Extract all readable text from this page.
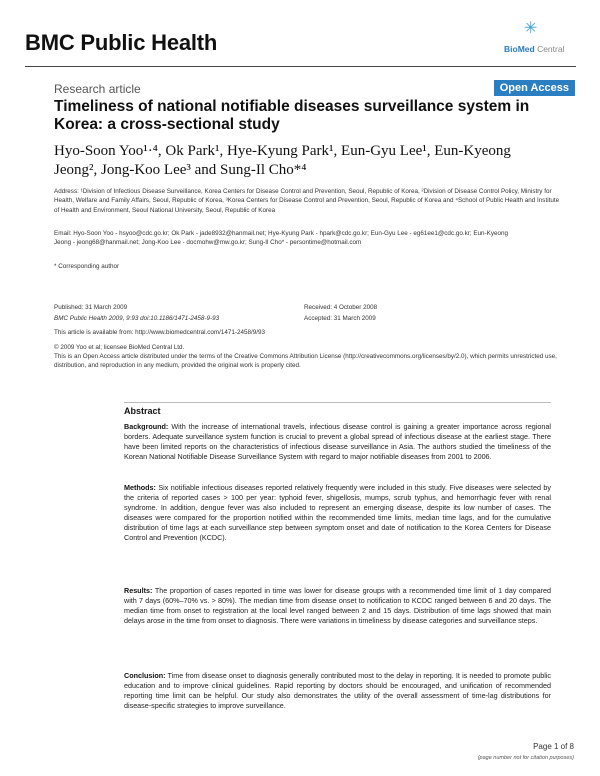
BMC Public Health
✳
BioMed Central
Research article	Open Access
Timeliness of national notifiable diseases surveillance system in Korea: a cross-sectional study
Hyo-Soon Yoo¹·⁴, Ok Park¹, Hye-Kyung Park¹, Eun-Gyu Lee¹, Eun-Kyeong Jeong², Jong-Koo Lee³ and Sung-Il Cho*⁴
Address: ¹Division of Infectious Disease Surveillance, Korea Centers for Disease Control and Prevention, Seoul, Republic of Korea, ²Division of Disease Control Policy, Ministry for Health, Welfare and Family Affairs, Seoul, Republic of Korea, ³Korea Centers for Disease Control and Prevention, Seoul, Republic of Korea and ⁴School of Public Health and Institute of Health and Environment, Seoul National University, Seoul, Republic of Korea
Email: Hyo-Soon Yoo - hsyoo@cdc.go.kr; Ok Park - jade8932@hanmail.net; Hye-Kyung Park - hpark@cdc.go.kr; Eun-Gyu Lee - eg61ee1@cdc.go.kr; Eun-Kyeong Jeong - jeong68@hanmail.net; Jong-Koo Lee - docmohw@mw.go.kr; Sung-Il Cho* - persontime@hotmail.com
* Corresponding author
Published: 31 March 2009	Received: 4 October 2008
BMC Public Health 2009, 9:93 doi:10.1186/1471-2458-9-93	Accepted: 31 March 2009
This article is available from: http://www.biomedcentral.com/1471-2458/9/93
© 2009 Yoo et al; licensee BioMed Central Ltd.
This is an Open Access article distributed under the terms of the Creative Commons Attribution License (http://creativecommons.org/licenses/by/2.0), which permits unrestricted use, distribution, and reproduction in any medium, provided the original work is properly cited.
Abstract
Background: With the increase of international travels, infectious disease control is gaining a greater importance across regional borders. Adequate surveillance system function is crucial to prevent a global spread of infectious disease at the earliest stage. There have been limited reports on the characteristics of infectious disease surveillance in Asia. The authors studied the timeliness of the Korean National Notifiable Disease Surveillance System with regard to major notifiable diseases from 2001 to 2006.
Methods: Six notifiable infectious diseases reported relatively frequently were included in this study. Five diseases were selected by the criteria of reported cases > 100 per year: typhoid fever, shigellosis, mumps, scrub typhus, and hemorrhagic fever with renal syndrome. In addition, dengue fever was also included to represent an emerging disease, despite its low number of cases. The diseases were compared for the proportion notified within the recommended time limits, median time lags, and for the cumulative distribution of time lags at each surveillance step between symptom onset and date of notification to the Korea Centers for Disease Control and Prevention (KCDC).
Results: The proportion of cases reported in time was lower for disease groups with a recommended time limit of 1 day compared with 7 days (60%–70% vs. > 80%). The median time from disease onset to notification to KCDC ranged between 6 and 20 days. The median time from onset to registration at the local level ranged between 2 and 15 days. Distribution of time lags showed that main delays arose in the time from onset to diagnosis. There were variations in timeliness by disease categories and surveillance steps.
Conclusion: Time from disease onset to diagnosis generally contributed most to the delay in reporting. It is needed to promote public education and to improve clinical guidelines. Rapid reporting by doctors should be encouraged, and unification of recommended reporting time limit can be helpful. Our study also demonstrates the utility of the overall assessment of time-lag distributions for disease-specific strategies to improve surveillance.
Page 1 of 8
(page number not for citation purposes)
